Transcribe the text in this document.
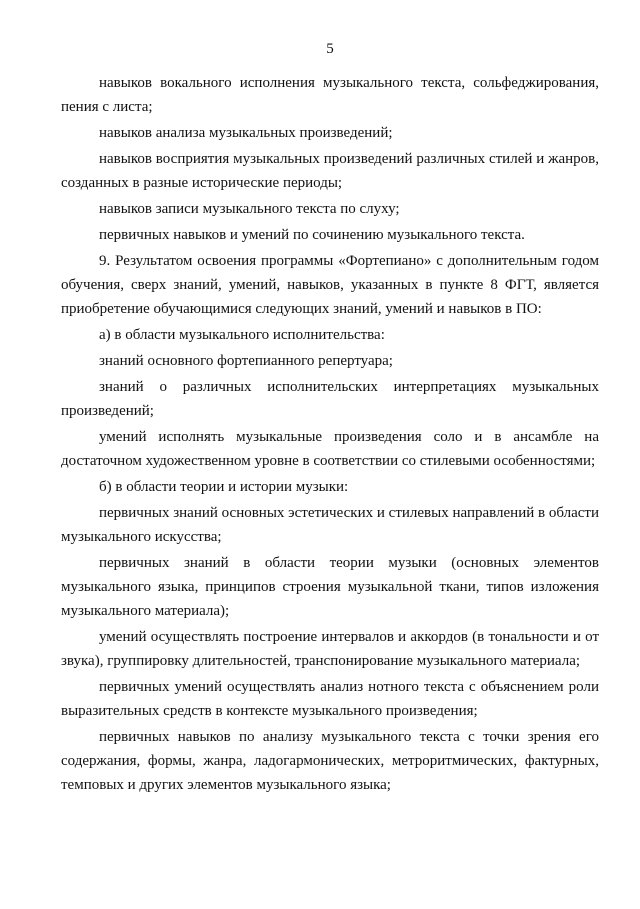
5

навыков вокального исполнения музыкального текста, сольфеджирования, пения с листа;

навыков анализа музыкальных произведений;

навыков восприятия музыкальных произведений различных стилей и жанров, созданных в разные исторические периоды;

навыков записи музыкального текста по слуху;

первичных навыков и умений по сочинению музыкального текста.

9. Результатом освоения программы «Фортепиано» с дополнительным годом обучения, сверх знаний, умений, навыков, указанных в пункте 8 ФГТ, является приобретение обучающимися следующих знаний, умений и навыков в ПО:

а) в области музыкального исполнительства:

знаний основного фортепианного репертуара;

знаний о различных исполнительских интерпретациях музыкальных произведений;

умений исполнять музыкальные произведения соло и в ансамбле на достаточном художественном уровне в соответствии со стилевыми особенностями;

б) в области теории и истории музыки:

первичных знаний основных эстетических и стилевых направлений в области музыкального искусства;

первичных знаний в области теории музыки (основных элементов музыкального языка, принципов строения музыкальной ткани, типов изложения музыкального материала);

умений осуществлять построение интервалов и аккордов (в тональности и от звука), группировку длительностей, транспонирование музыкального материала;

первичных умений осуществлять анализ нотного текста с объяснением роли выразительных средств в контексте музыкального произведения;

первичных навыков по анализу музыкального текста с точки зрения его содержания, формы, жанра, ладогармонических, метроритмических, фактурных, темповых и других элементов музыкального языка;
